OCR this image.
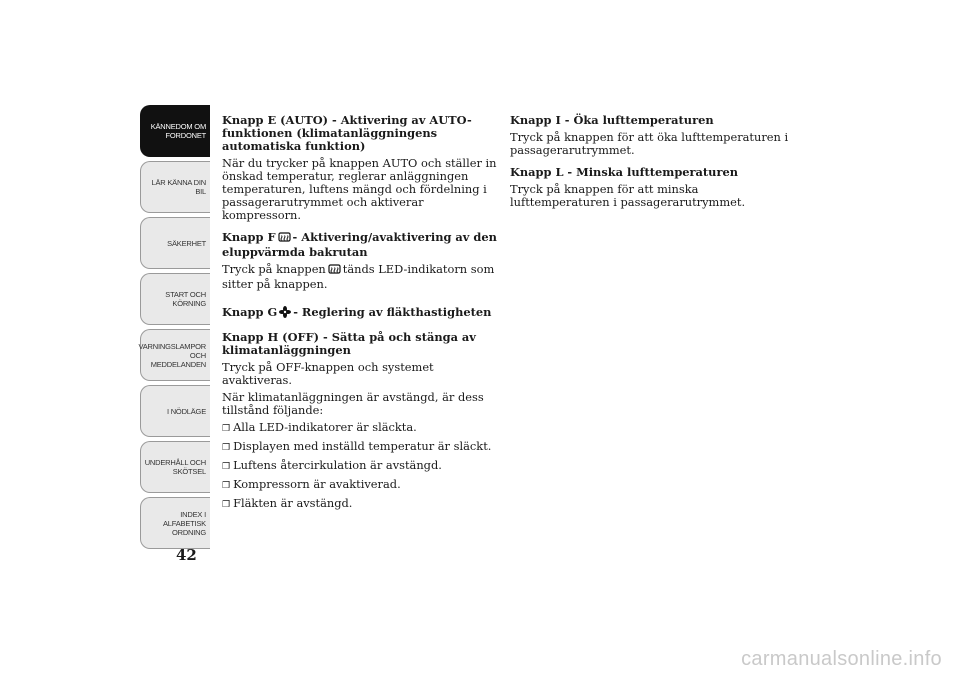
KÄNNEDOM OM
FORDONET
LÄR KÄNNA DIN
BIL
SÄKERHET
START OCH
KÖRNING
VARNINGSLAMPOR
OCH
MEDDELANDEN
I NÖDLÄGE
UNDERHÅLL OCH
SKÖTSEL
INDEX I
ALFABETISK
ORDNING
42
Knapp E (AUTO) - Aktivering av AUTO-funktionen (klimatanläggningens automatiska funktion)
När du trycker på knappen AUTO och ställer in önskad temperatur, reglerar anläggningen temperaturen, luftens mängd och fördelning i passagerarutrymmet och aktiverar kompressorn.
Knapp F - Aktivering/avaktivering av den eluppvärmda bakrutan
Tryck på knappen tänds LED-indikatorn som sitter på knappen.
Knapp G - Reglering av fläkthastigheten
Knapp H (OFF) - Sätta på och stänga av klimatanläggningen
Tryck på OFF-knappen och systemet avaktiveras.
När klimatanläggningen är avstängd, är dess tillstånd följande:
❒ Alla LED-indikatorer är släckta.
❒ Displayen med inställd temperatur är släckt.
❒ Luftens återcirkulation är avstängd.
❒ Kompressorn är avaktiverad.
❒ Fläkten är avstängd.
Knapp I - Öka lufttemperaturen
Tryck på knappen för att öka lufttemperaturen i passagerarutrymmet.
Knapp L - Minska lufttemperaturen
Tryck på knappen för att minska lufttemperaturen i passagerarutrymmet.
carmanualsonline.info
